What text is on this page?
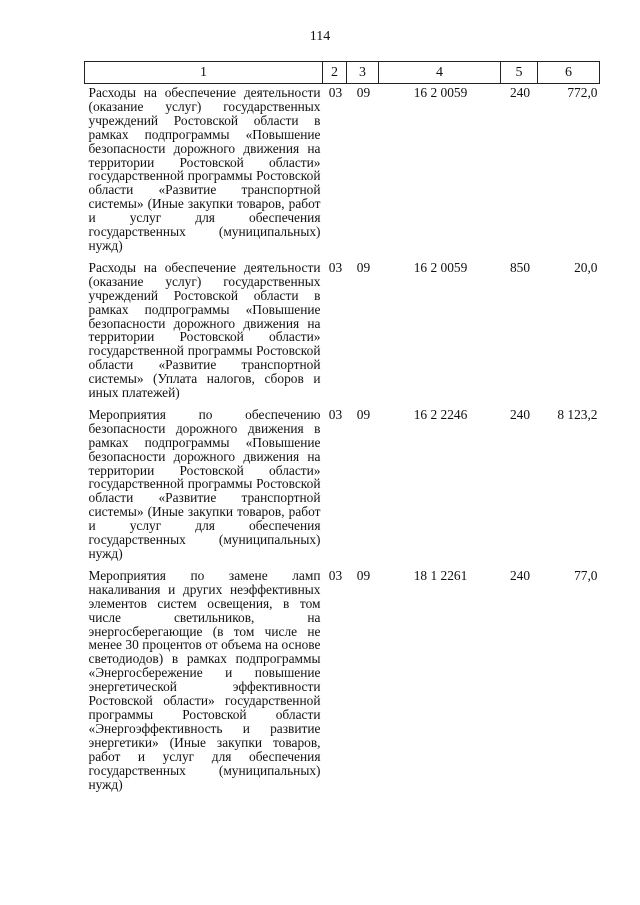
114
1	2	3	4	5	6
Расходы на обеспечение деятельности (оказание услуг) государственных учреждений Ростовской области в рамках подпрограммы «Повышение безопасности дорожного движения на территории Ростовской области» государственной программы Ростовской области «Развитие транспортной системы» (Иные закупки товаров, работ и услуг для обеспечения государственных (муниципальных) нужд)	03	09	16 2 0059	240	772,0
Расходы на обеспечение деятельности (оказание услуг) государственных учреждений Ростовской области в рамках подпрограммы «Повышение безопасности дорожного движения на территории Ростовской области» государственной программы Ростовской области «Развитие транспортной системы» (Уплата налогов, сборов и иных платежей)	03	09	16 2 0059	850	20,0
Мероприятия по обеспечению безопасности дорожного движения в рамках подпрограммы «Повышение безопасности дорожного движения на территории Ростовской области» государственной программы Ростовской области «Развитие транспортной системы» (Иные закупки товаров, работ и услуг для обеспечения государственных (муниципальных) нужд)	03	09	16 2 2246	240	8 123,2
Мероприятия по замене ламп накаливания и других неэффективных элементов систем освещения, в том числе светильников, на энергосберегающие (в том числе не менее 30 процентов от объема на основе светодиодов) в рамках подпрограммы «Энергосбережение и повышение энергетической эффективности Ростовской области» государственной программы Ростовской области «Энергоэффективность и развитие энергетики» (Иные закупки товаров, работ и услуг для обеспечения государственных (муниципальных) нужд)	03	09	18 1 2261	240	77,0
